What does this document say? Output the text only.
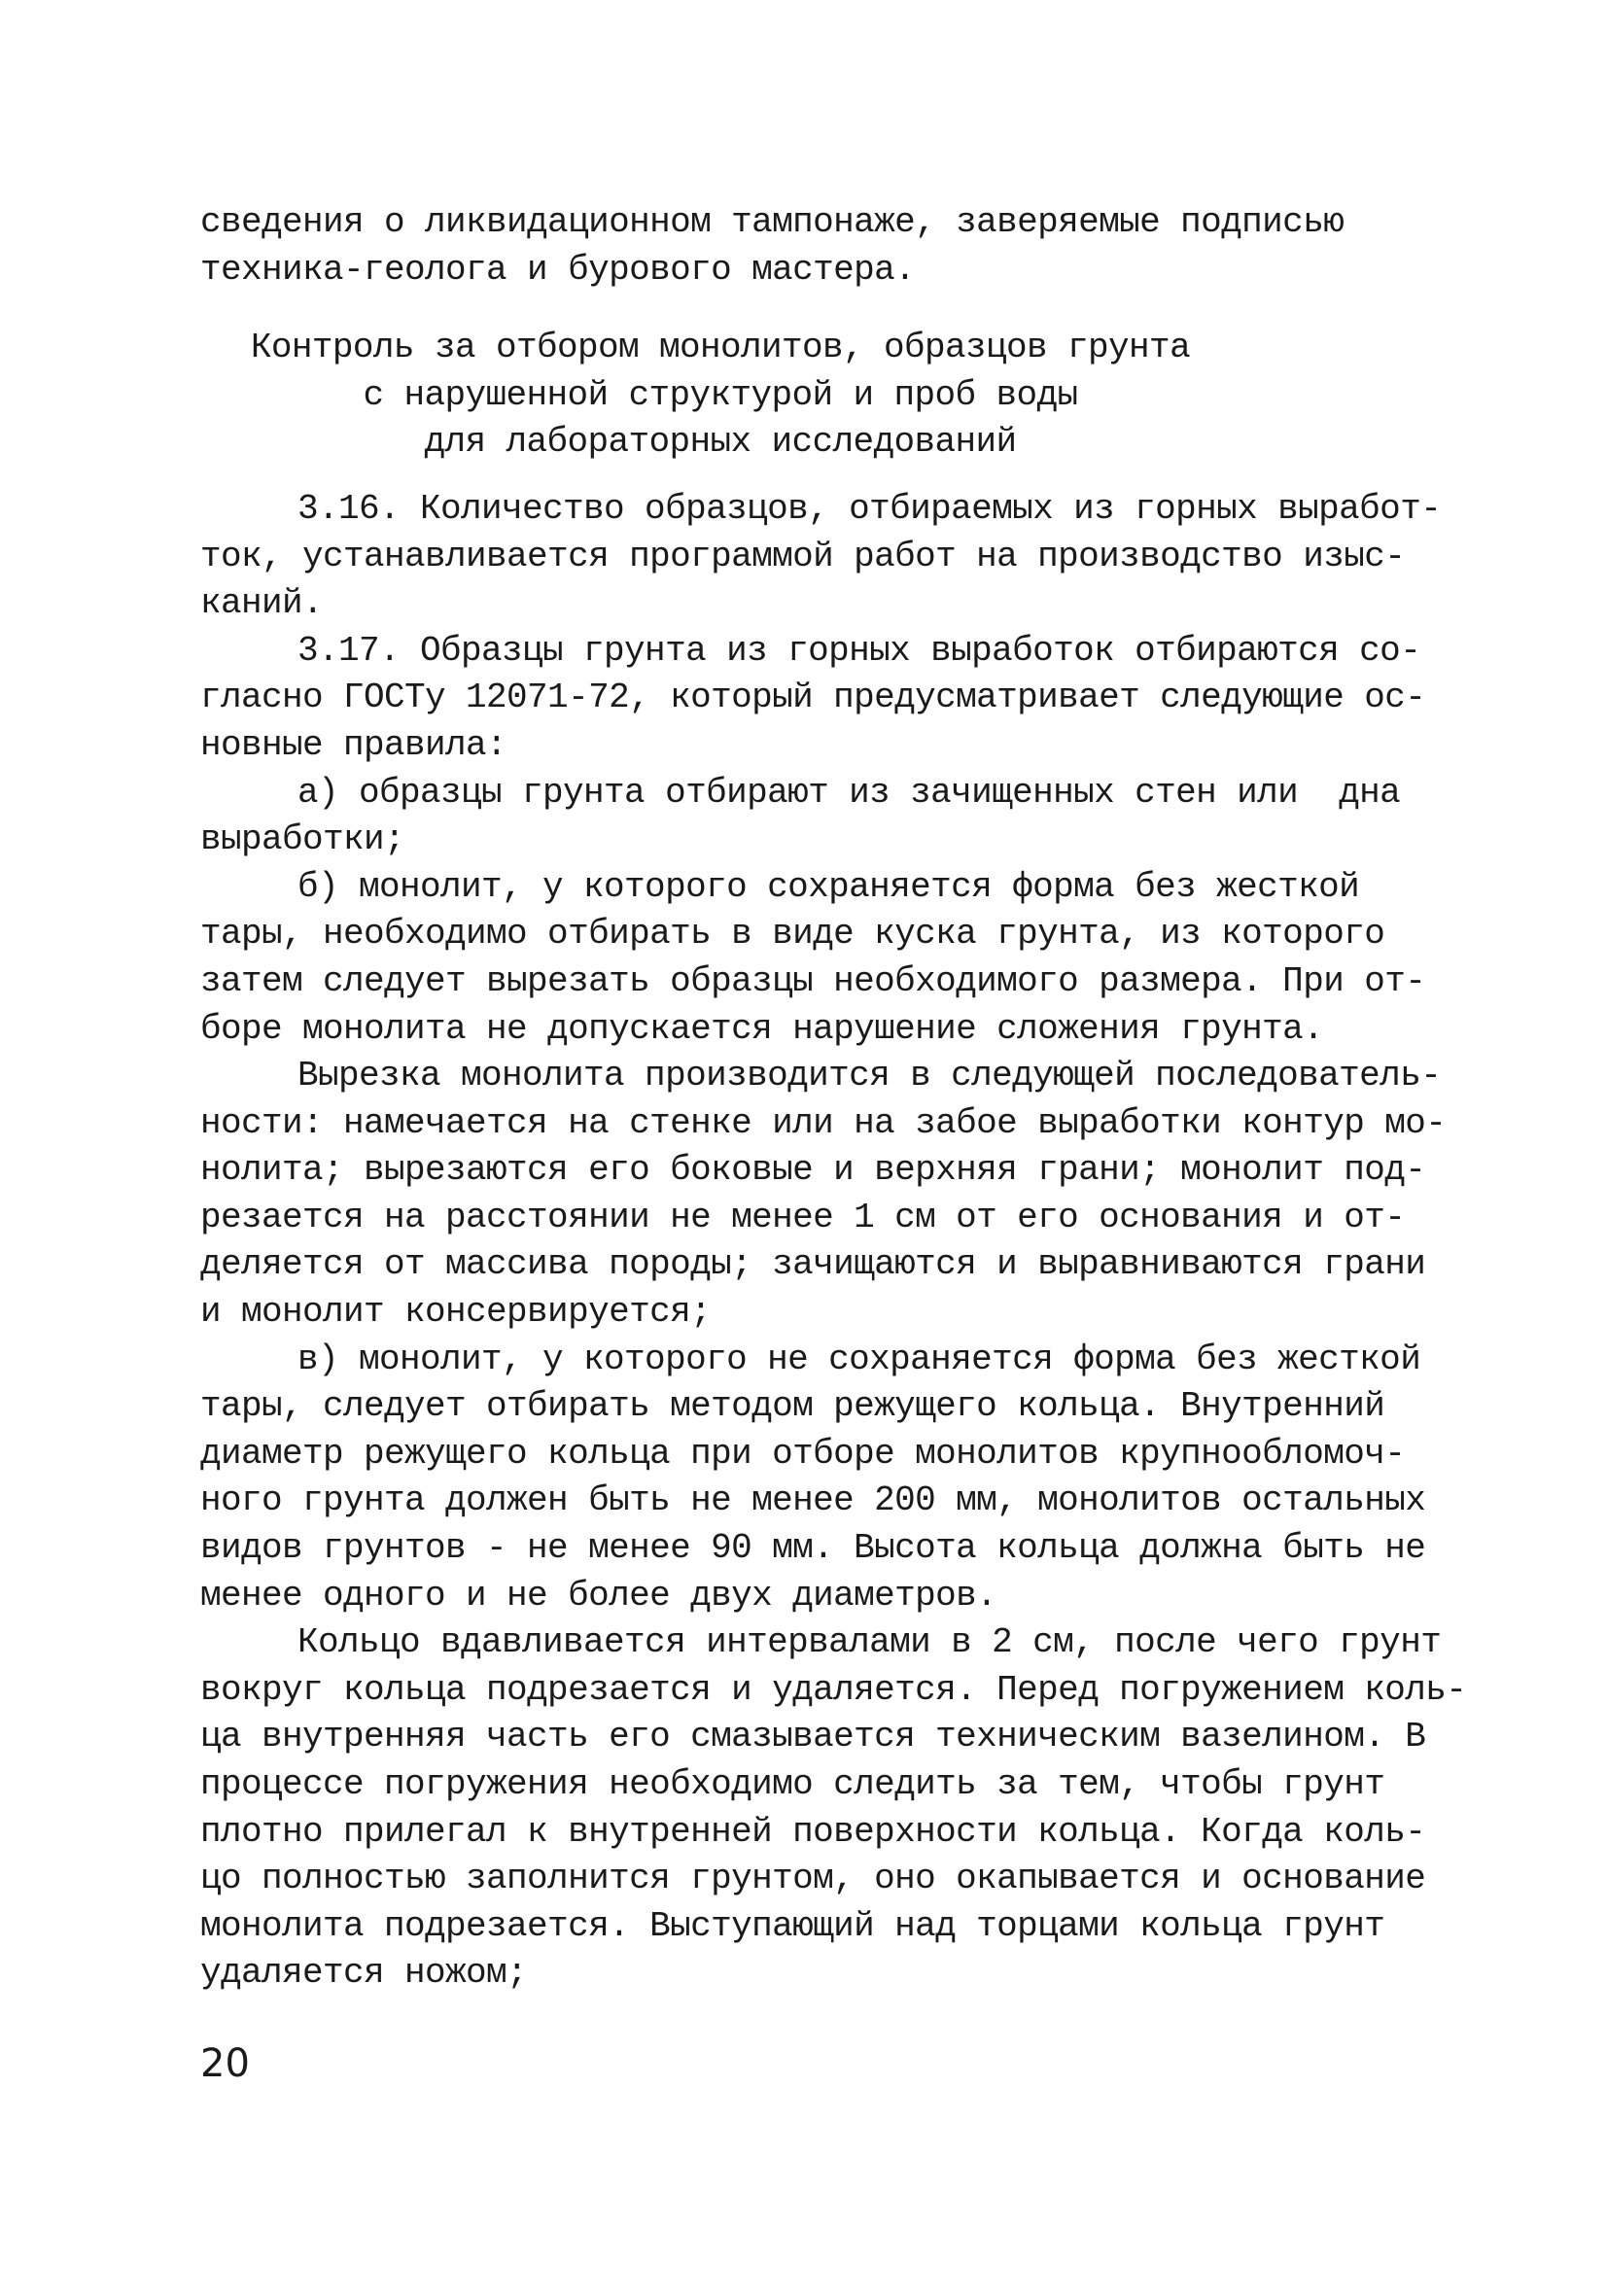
сведения о ликвидационном тампонаже, заверяемые подписью
техника-геолога и бурового мастера.
Контроль за отбором монолитов, образцов грунта
с нарушенной структурой и проб воды
для лабораторных исследований
3.16. Количество образцов, отбираемых из горных выработ-
ток, устанавливается программой работ на производство изыс-
каний.
3.17. Образцы грунта из горных выработок отбираются со-
гласно ГОСТу 12071-72, который предусматривает следующие ос-
новные правила:
а) образцы грунта отбирают из зачищенных стен или  дна
выработки;
б) монолит, у которого сохраняется форма без жесткой
тары, необходимо отбирать в виде куска грунта, из которого
затем следует вырезать образцы необходимого размера. При от-
боре монолита не допускается нарушение сложения грунта.
Вырезка монолита производится в следующей последователь-
ности: намечается на стенке или на забое выработки контур мо-
нолита; вырезаются его боковые и верхняя грани; монолит под-
резается на расстоянии не менее 1 см от его основания и от-
деляется от массива породы; зачищаются и выравниваются грани
и монолит консервируется;
в) монолит, у которого не сохраняется форма без жесткой
тары, следует отбирать методом режущего кольца. Внутренний
диаметр режущего кольца при отборе монолитов крупнообломоч-
ного грунта должен быть не менее 200 мм, монолитов остальных
видов грунтов - не менее 90 мм. Высота кольца должна быть не
менее одного и не более двух диаметров.
Кольцо вдавливается интервалами в 2 см, после чего грунт
вокруг кольца подрезается и удаляется. Перед погружением коль-
ца внутренняя часть его смазывается техническим вазелином. В
процессе погружения необходимо следить за тем, чтобы грунт
плотно прилегал к внутренней поверхности кольца. Когда коль-
цо полностью заполнится грунтом, оно окапывается и основание
монолита подрезается. Выступающий над торцами кольца грунт
удаляется ножом;
20
